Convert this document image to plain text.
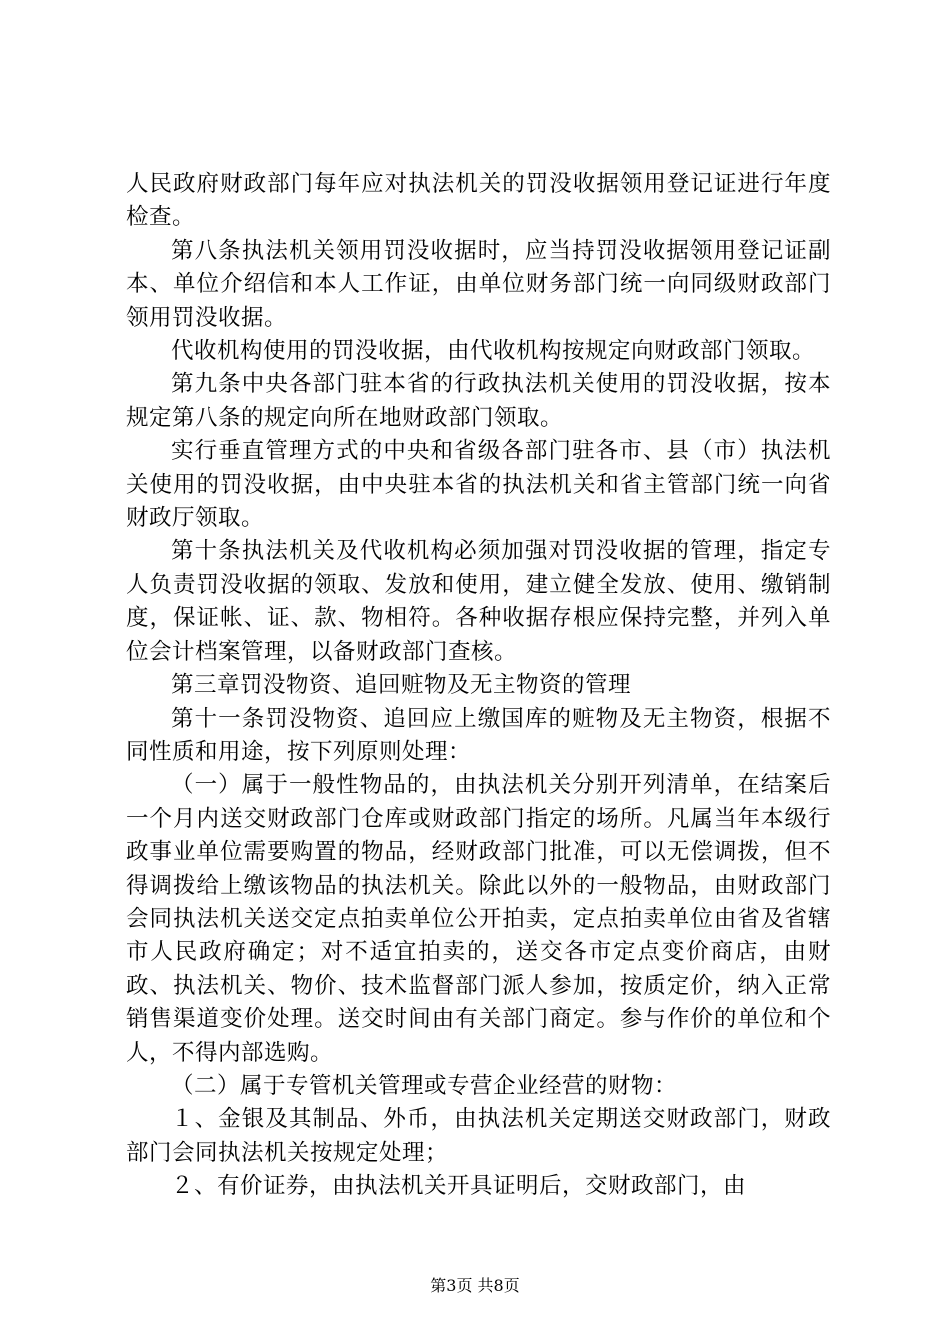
人民政府财政部门每年应对执法机关的罚没收据领用登记证进行年度检查。

第八条执法机关领用罚没收据时，应当持罚没收据领用登记证副本、单位介绍信和本人工作证，由单位财务部门统一向同级财政部门领用罚没收据。

代收机构使用的罚没收据，由代收机构按规定向财政部门领取。

第九条中央各部门驻本省的行政执法机关使用的罚没收据，按本规定第八条的规定向所在地财政部门领取。

实行垂直管理方式的中央和省级各部门驻各市、县（市）执法机关使用的罚没收据，由中央驻本省的执法机关和省主管部门统一向省财政厅领取。

第十条执法机关及代收机构必须加强对罚没收据的管理，指定专人负责罚没收据的领取、发放和使用，建立健全发放、使用、缴销制度，保证帐、证、款、物相符。各种收据存根应保持完整，并列入单位会计档案管理，以备财政部门查核。

第三章罚没物资、追回赃物及无主物资的管理

第十一条罚没物资、追回应上缴国库的赃物及无主物资，根据不同性质和用途，按下列原则处理：

（一）属于一般性物品的，由执法机关分别开列清单，在结案后一个月内送交财政部门仓库或财政部门指定的场所。凡属当年本级行政事业单位需要购置的物品，经财政部门批准，可以无偿调拨，但不得调拨给上缴该物品的执法机关。除此以外的一般物品，由财政部门会同执法机关送交定点拍卖单位公开拍卖，定点拍卖单位由省及省辖市人民政府确定；对不适宜拍卖的，送交各市定点变价商店，由财政、执法机关、物价、技术监督部门派人参加，按质定价，纳入正常销售渠道变价处理。送交时间由有关部门商定。参与作价的单位和个人，不得内部选购。

（二）属于专管机关管理或专营企业经营的财物：

１、金银及其制品、外币，由执法机关定期送交财政部门，财政部门会同执法机关按规定处理；

２、有价证券，由执法机关开具证明后，交财政部门，由

第3页 共8页
